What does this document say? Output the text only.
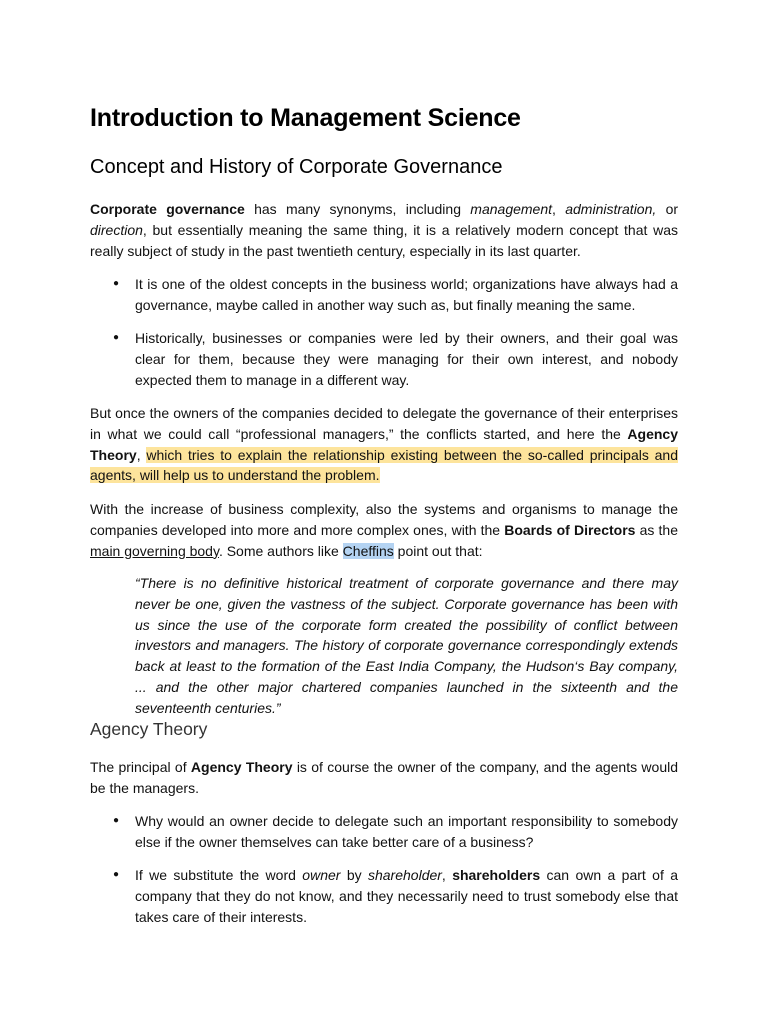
Introduction to Management Science
Concept and History of Corporate Governance

Corporate governance has many synonyms, including management, administration, or direction, but essentially meaning the same thing, it is a relatively modern concept that was really subject of study in the past twentieth century, especially in its last quarter.

● It is one of the oldest concepts in the business world; organizations have always had a governance, maybe called in another way such as, but finally meaning the same.

● Historically, businesses or companies were led by their owners, and their goal was clear for them, because they were managing for their own interest, and nobody expected them to manage in a different way.

But once the owners of the companies decided to delegate the governance of their enterprises in what we could call “professional managers,” the conflicts started, and here the Agency Theory, which tries to explain the relationship existing between the so-called principals and agents, will help us to understand the problem.

With the increase of business complexity, also the systems and organisms to manage the companies developed into more and more complex ones, with the Boards of Directors as the main governing body. Some authors like Cheffins point out that:

“There is no definitive historical treatment of corporate governance and there may never be one, given the vastness of the subject. Corporate governance has been with us since the use of the corporate form created the possibility of conflict between investors and managers. The history of corporate governance correspondingly extends back at least to the formation of the East India Company, the Hudson‘s Bay company, ... and the other major chartered companies launched in the sixteenth and the seventeenth centuries.”

Agency Theory

The principal of Agency Theory is of course the owner of the company, and the agents would be the managers.

● Why would an owner decide to delegate such an important responsibility to somebody else if the owner themselves can take better care of a business?

● If we substitute the word owner by shareholder, shareholders can own a part of a company that they do not know, and they necessarily need to trust somebody else that takes care of their interests.
